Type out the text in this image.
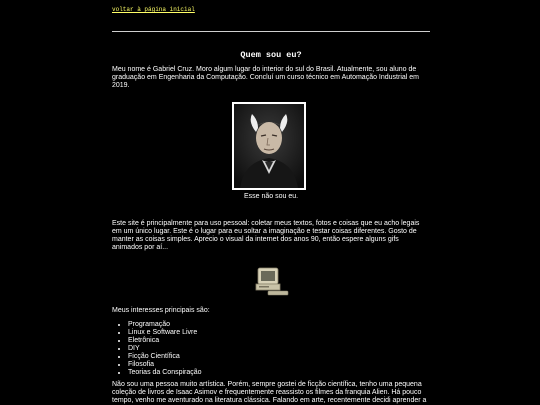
voltar à página inicial
Quem sou eu?

Meu nome é Gabriel Cruz. Moro algum lugar do interior do sul do Brasil. Atualmente, sou aluno de graduação em Engenharia da Computação. Concluí um curso técnico em Automação Industrial em 2019.

Esse não sou eu.

Este site é principalmente para uso pessoal: coletar meus textos, fotos e coisas que eu acho legais em um único lugar. Este é o lugar para eu soltar a imaginação e testar coisas diferentes. Gosto de manter as coisas simples. Aprecio o visual da internet dos anos 90, então espere alguns gifs animados por aí...

Meus interesses principais são:
• Programação
• Linux e Software Livre
• Eletrônica
• DIY
• Ficção Científica
• Filosofia
• Teorias da Conspiração

Não sou uma pessoa muito artística. Porém, sempre gostei de ficção científica, tenho uma pequena coleção de livros de Isaac Asimov e frequentemente reassisto os filmes da franquia Alien. Há pouco tempo, venho me aventurado na literatura clássica. Falando em arte, recentemente decidi aprender a
